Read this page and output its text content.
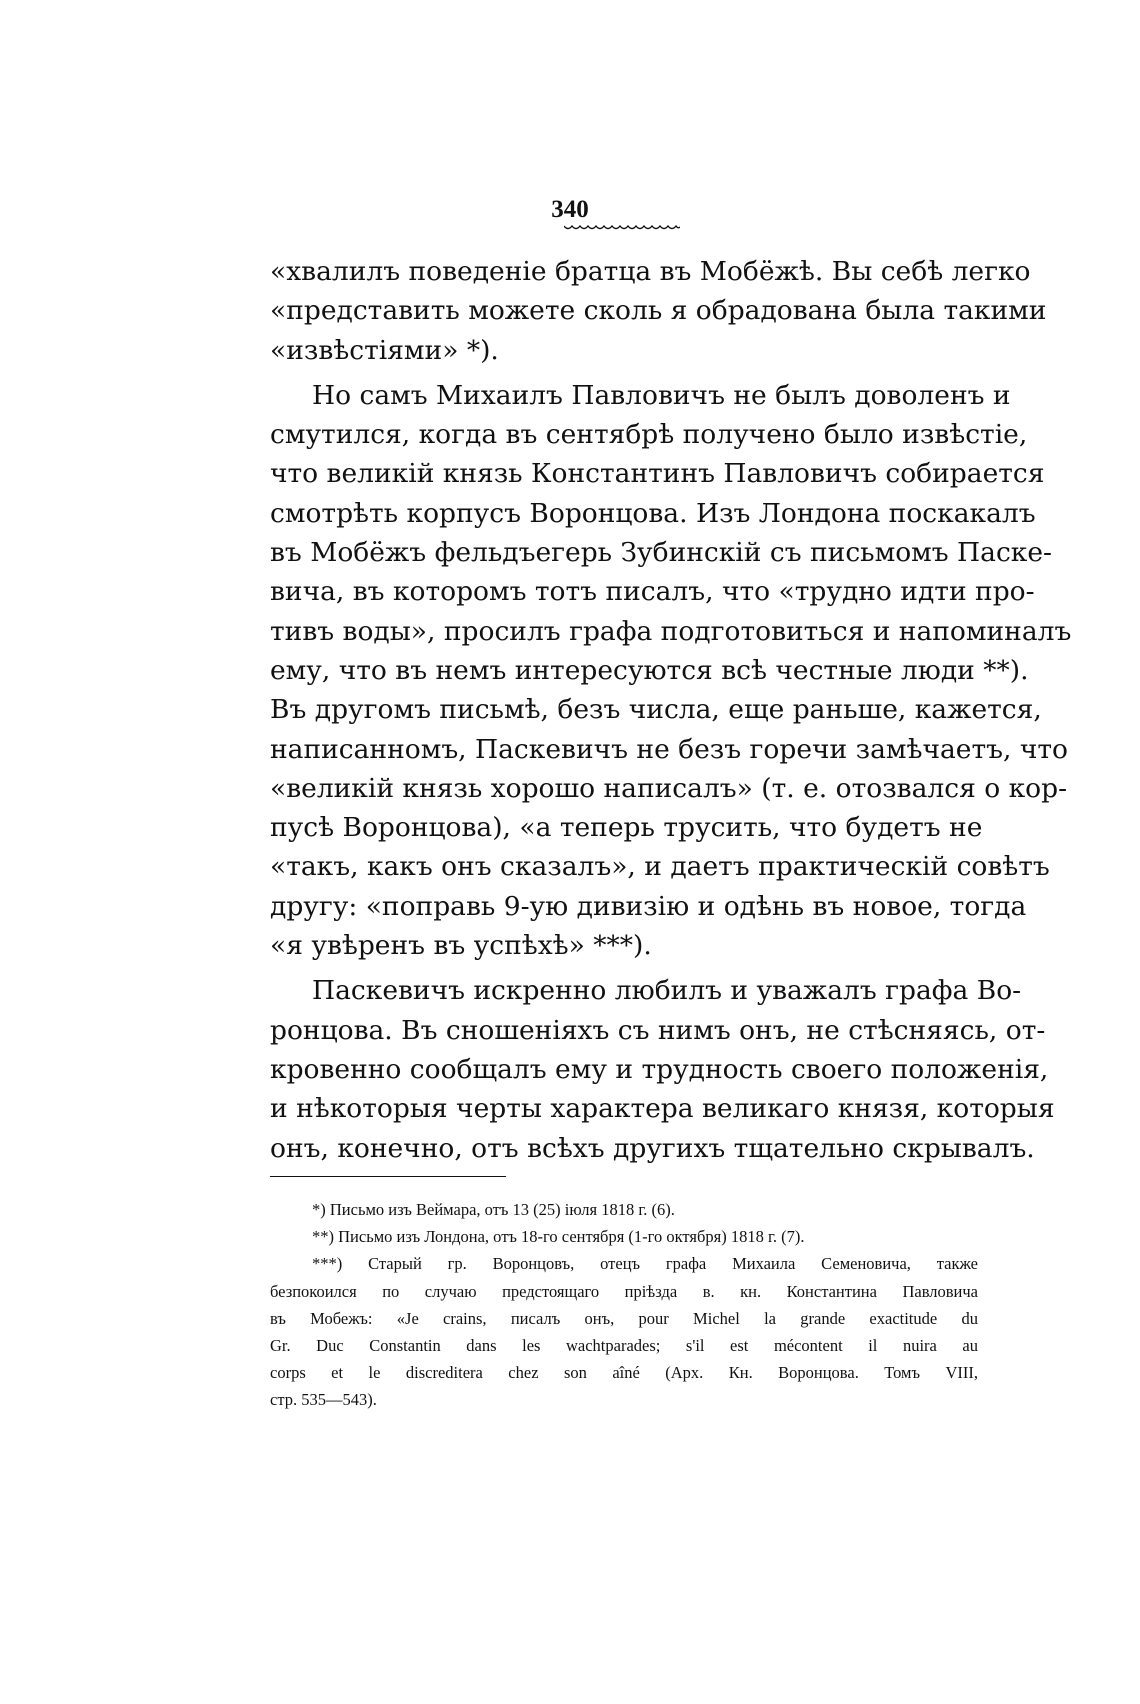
340
«хвалилъ поведеніе братца въ Мобёжѣ. Вы себѣ легко
«представить можете сколь я обрадована была такими
«извѣстіями» *).
Но самъ Михаилъ Павловичъ не былъ доволенъ и
смутился, когда въ сентябрѣ получено было извѣстіе,
что великій князь Константинъ Павловичъ собирается
смотрѣть корпусъ Воронцова. Изъ Лондона поскакалъ
въ Мобёжъ фельдъегерь Зубинскій съ письмомъ Паске-
вича, въ которомъ тотъ писалъ, что «трудно идти про-
тивъ воды», просилъ графа подготовиться и напоминалъ
ему, что въ немъ интересуются всѣ честные люди **).
Въ другомъ письмѣ, безъ числа, еще раньше, кажется,
написанномъ, Паскевичъ не безъ горечи замѣчаетъ, что
«великій князь хорошо написалъ» (т. е. отозвался о кор-
пусѣ Воронцова), «а теперь трусить, что будетъ не
«такъ, какъ онъ сказалъ», и даетъ практическій совѣтъ
другу: «поправь 9-ую дивизію и одѣнь въ новое, тогда
«я увѣренъ въ успѣхѣ» ***).
Паскевичъ искренно любилъ и уважалъ графа Во-
ронцова. Въ сношеніяхъ съ нимъ онъ, не стѣсняясь, от-
кровенно сообщалъ ему и трудность своего положенія,
и нѣкоторыя черты характера великаго князя, которыя
онъ, конечно, отъ всѣхъ другихъ тщательно скрывалъ.
*) Письмо изъ Веймара, отъ 13 (25) іюля 1818 г. (6).
**) Письмо изъ Лондона, отъ 18-го сентября (1-го октября) 1818 г. (7).
***) Старый гр. Воронцовъ, отецъ графа Михаила Семеновича, также
безпокоился по случаю предстоящаго пріѣзда в. кн. Константина Павловича
въ Мобежъ: «Je crains, писалъ онъ, pour Michel la grande exactitude du
Gr. Duc Constantin dans les wachtparades; s'il est mécontent il nuira au
corps et le discreditera chez son aîné (Арх. Кн. Воронцова. Томъ VIII,
стр. 535—543).
